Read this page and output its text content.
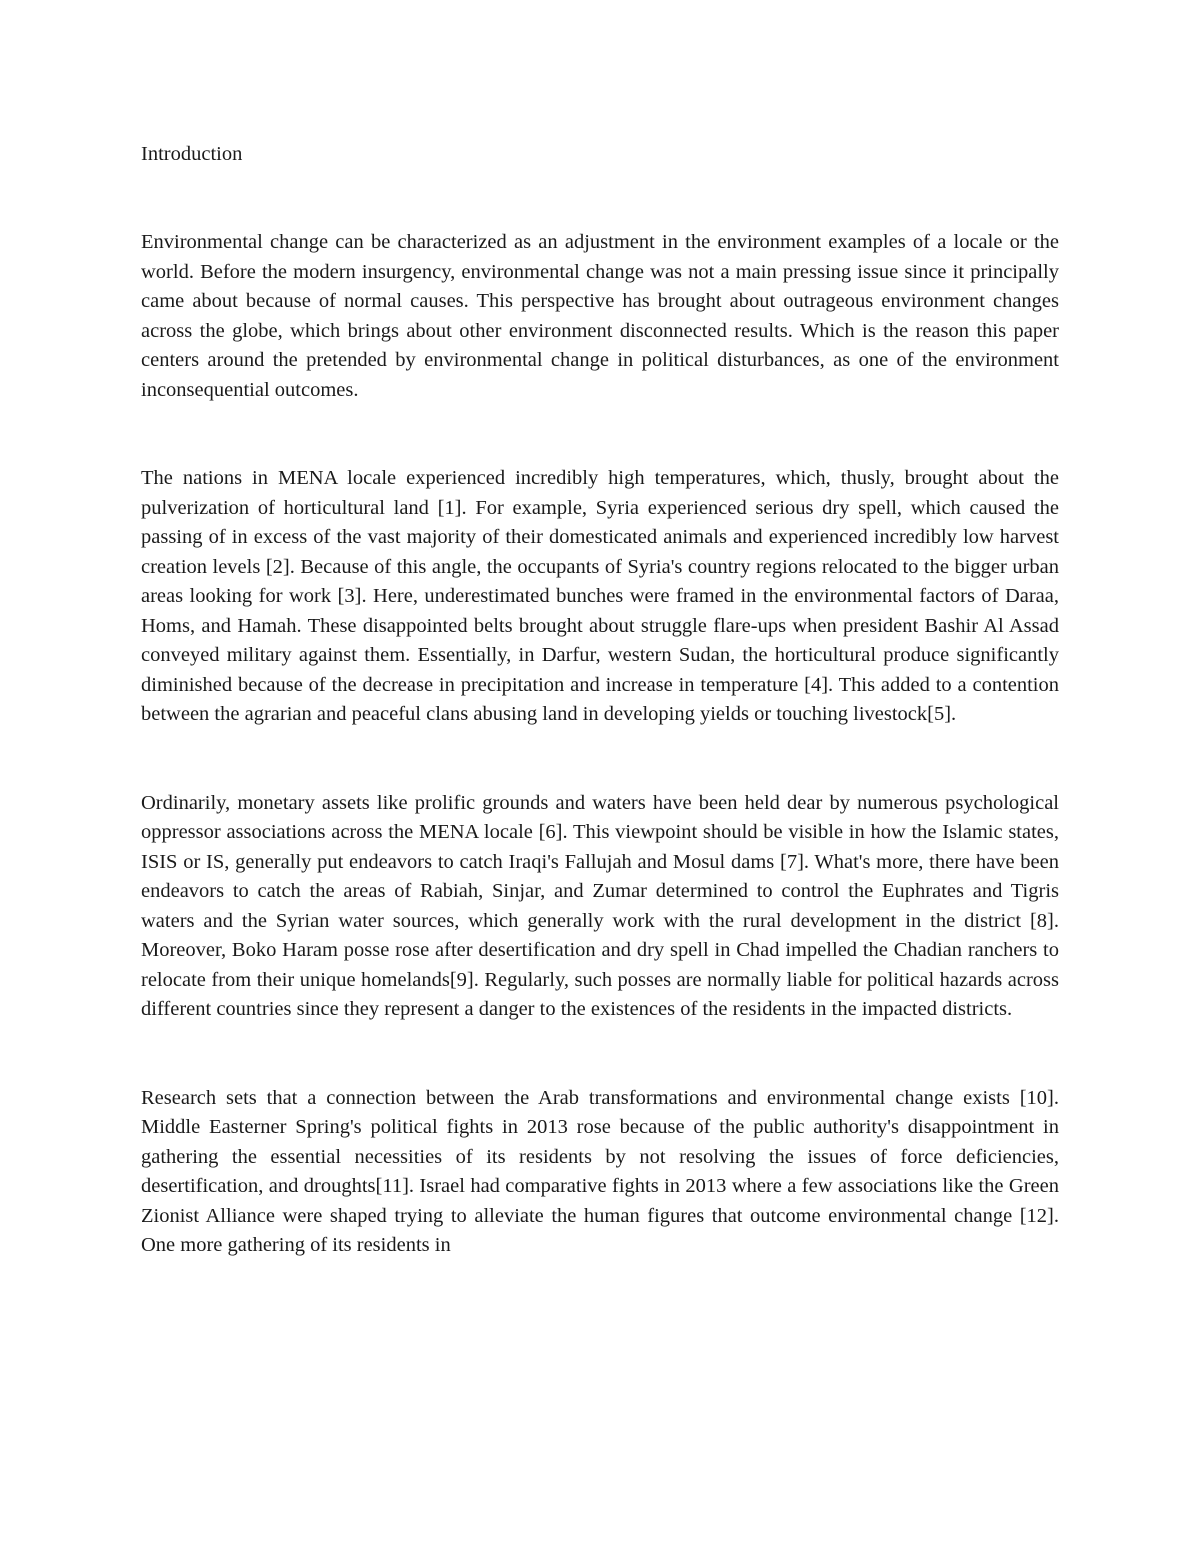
Introduction

Environmental change can be characterized as an adjustment in the environment examples of a locale or the world. Before the modern insurgency, environmental change was not a main pressing issue since it principally came about because of normal causes. This perspective has brought about outrageous environment changes across the globe, which brings about other environment disconnected results. Which is the reason this paper centers around the pretended by environmental change in political disturbances, as one of the environment inconsequential outcomes.

The nations in MENA locale experienced incredibly high temperatures, which, thusly, brought about the pulverization of horticultural land [1]. For example, Syria experienced serious dry spell, which caused the passing of in excess of the vast majority of their domesticated animals and experienced incredibly low harvest creation levels [2]. Because of this angle, the occupants of Syria's country regions relocated to the bigger urban areas looking for work [3]. Here, underestimated bunches were framed in the environmental factors of Daraa, Homs, and Hamah. These disappointed belts brought about struggle flare-ups when president Bashir Al Assad conveyed military against them. Essentially, in Darfur, western Sudan, the horticultural produce significantly diminished because of the decrease in precipitation and increase in temperature [4]. This added to a contention between the agrarian and peaceful clans abusing land in developing yields or touching livestock[5].

Ordinarily, monetary assets like prolific grounds and waters have been held dear by numerous psychological oppressor associations across the MENA locale [6]. This viewpoint should be visible in how the Islamic states, ISIS or IS, generally put endeavors to catch Iraqi's Fallujah and Mosul dams [7]. What's more, there have been endeavors to catch the areas of Rabiah, Sinjar, and Zumar determined to control the Euphrates and Tigris waters and the Syrian water sources, which generally work with the rural development in the district [8]. Moreover, Boko Haram posse rose after desertification and dry spell in Chad impelled the Chadian ranchers to relocate from their unique homelands[9]. Regularly, such posses are normally liable for political hazards across different countries since they represent a danger to the existences of the residents in the impacted districts.

Research sets that a connection between the Arab transformations and environmental change exists [10]. Middle Easterner Spring's political fights in 2013 rose because of the public authority's disappointment in gathering the essential necessities of its residents by not resolving the issues of force deficiencies, desertification, and droughts[11]. Israel had comparative fights in 2013 where a few associations like the Green Zionist Alliance were shaped trying to alleviate the human figures that outcome environmental change [12]. One more gathering of its residents in
